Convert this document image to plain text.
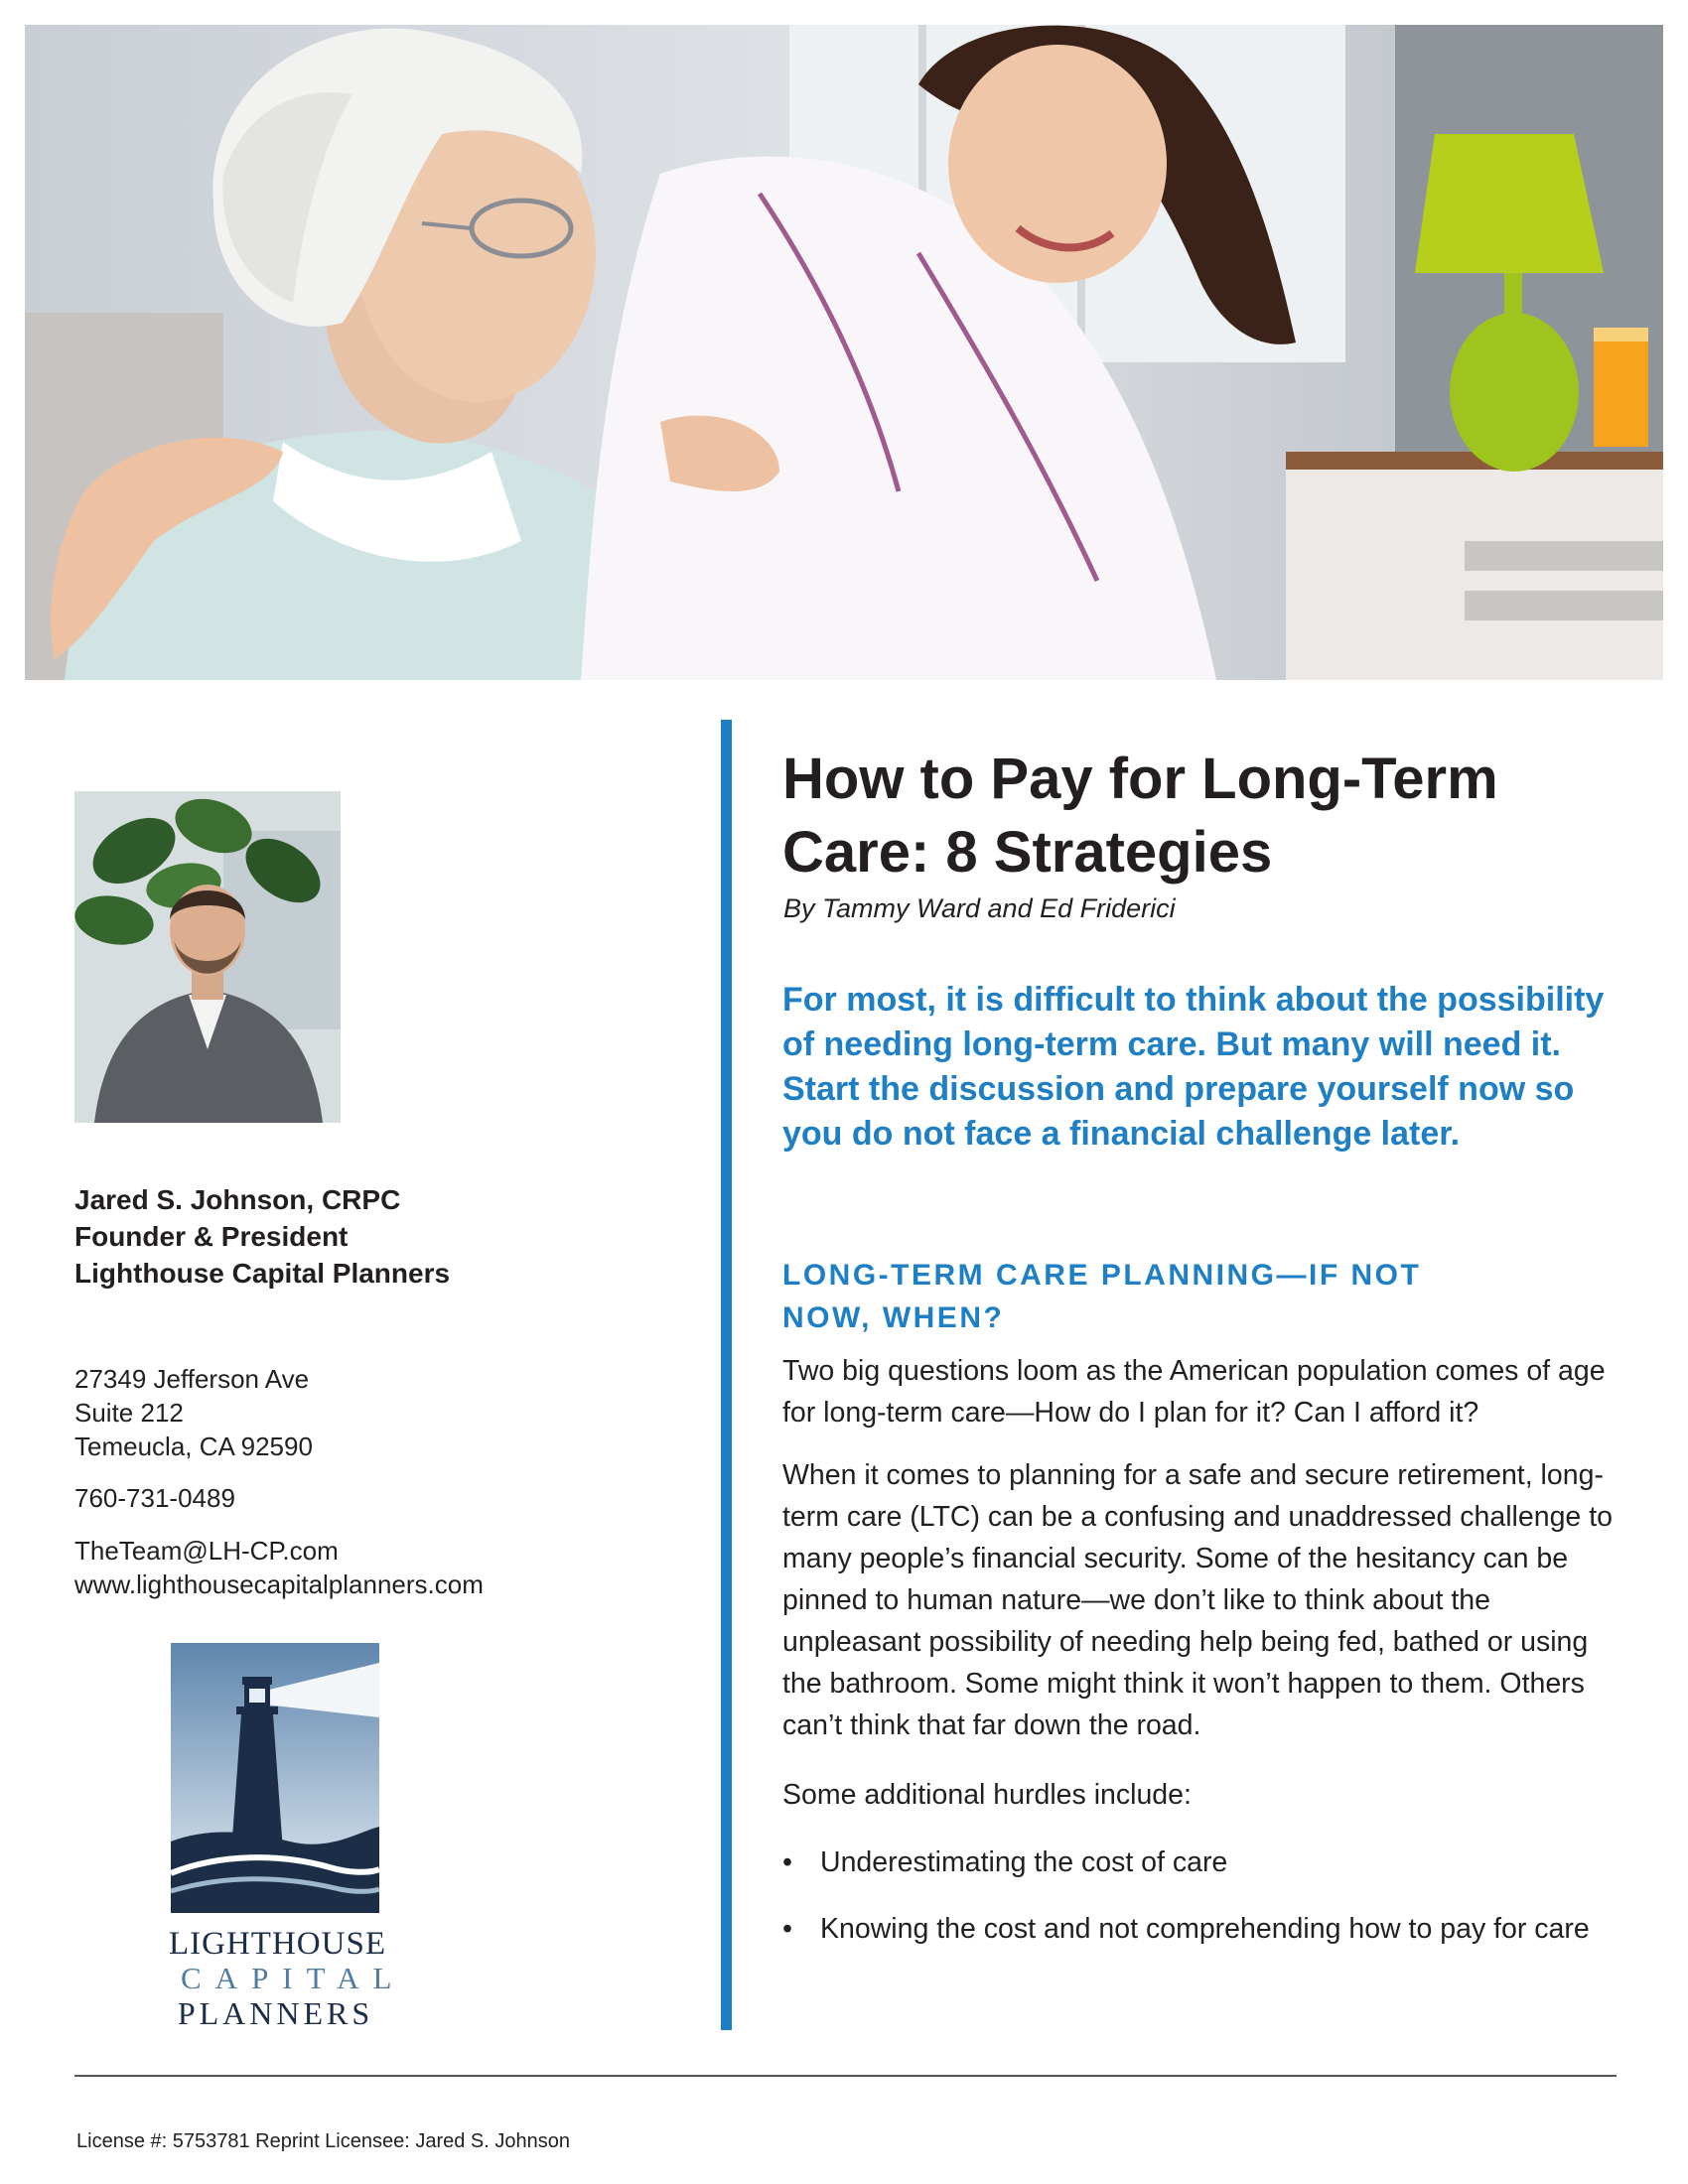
Jared S. Johnson, CRPC
Founder & President
Lighthouse Capital Planners
27349 Jefferson Ave
Suite 212
Temeucla, CA 92590
760-731-0489
TheTeam@LH-CP.com
www.lighthousecapitalplanners.com
LIGHTHOUSE
CAPITAL
PLANNERS
How to Pay for Long-Term Care: 8 Strategies
By Tammy Ward and Ed Friderici
For most, it is difficult to think about the possibility of needing long-term care. But many will need it. Start the discussion and prepare yourself now so you do not face a financial challenge later.
LONG-TERM CARE PLANNING—IF NOT NOW, WHEN?
Two big questions loom as the American population comes of age for long-term care—How do I plan for it? Can I afford it?
When it comes to planning for a safe and secure retirement, long-term care (LTC) can be a confusing and unaddressed challenge to many people’s financial security. Some of the hesitancy can be pinned to human nature—we don’t like to think about the unpleasant possibility of needing help being fed, bathed or using the bathroom. Some might think it won’t happen to them. Others can’t think that far down the road.
Some additional hurdles include:
• Underestimating the cost of care
• Knowing the cost and not comprehending how to pay for care
License #: 5753781 Reprint Licensee: Jared S. Johnson
